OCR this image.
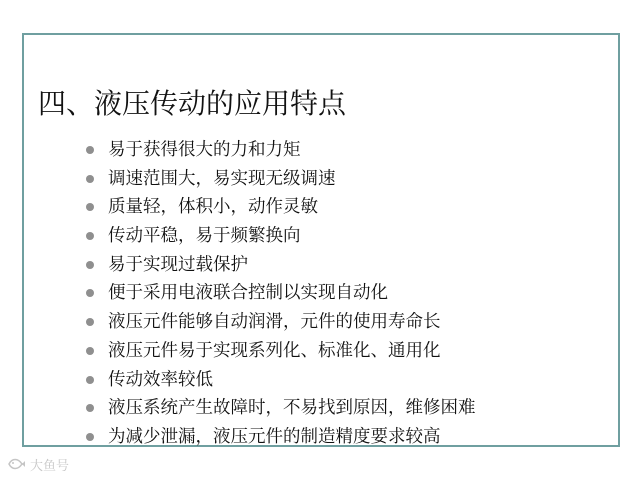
四、液压传动的应用特点
易于获得很大的力和力矩
调速范围大，易实现无级调速
质量轻，体积小，动作灵敏
传动平稳，易于频繁换向
易于实现过载保护
便于采用电液联合控制以实现自动化
液压元件能够自动润滑，元件的使用寿命长
液压元件易于实现系列化、标准化、通用化
传动效率较低
液压系统产生故障时，不易找到原因，维修困难
为减少泄漏，液压元件的制造精度要求较高
大鱼号
